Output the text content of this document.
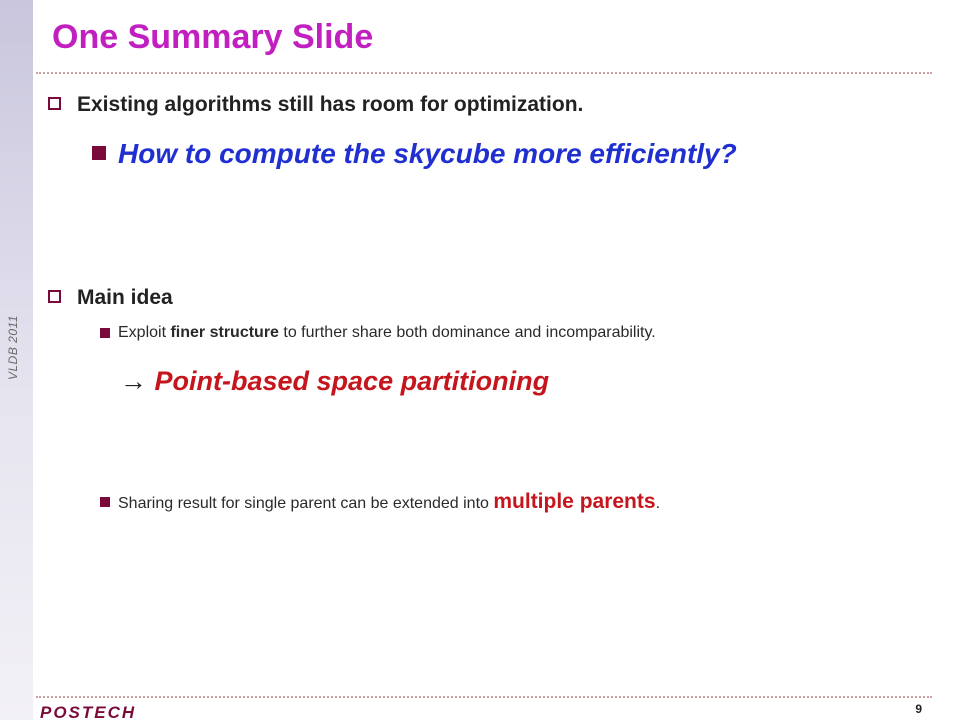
VLDB 2011
One Summary Slide
Existing algorithms still has room for optimization.
How to compute the skycube more efficiently?
Main idea
Exploit finer structure to further share both dominance and incomparability.
→ Point-based space partitioning
Sharing result for single parent can be extended into multiple parents.
POSTECH	9
